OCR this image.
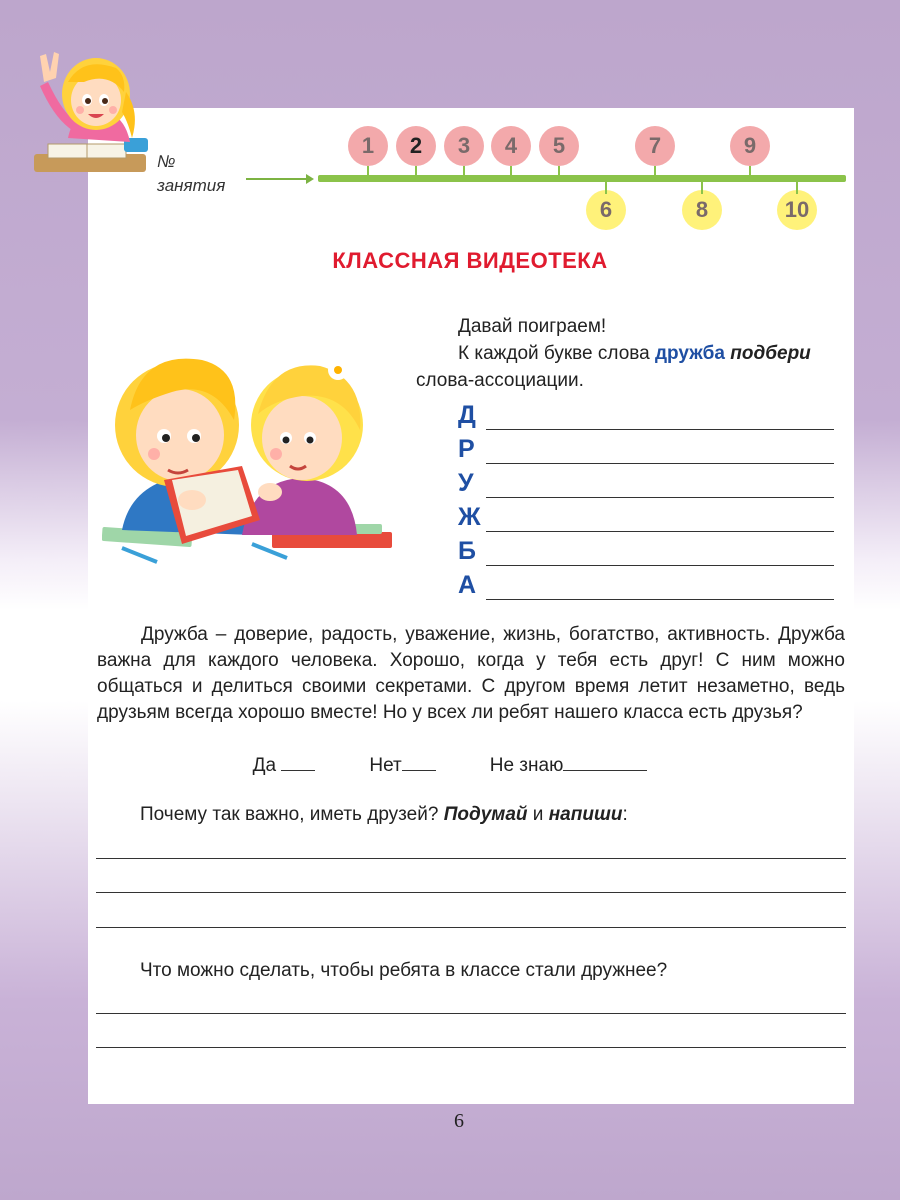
№
занятия
1	2	3	4	5	7	9
6	8	10
КЛАССНАЯ ВИДЕОТЕКА
Давай поиграем!
К каждой букве слова дружба подбери
слова-ассоциации.
Д
Р
У
Ж
Б
А

Дружба – доверие, радость, уважение, жизнь, богатство, активность. Дружба важна для каждого человека. Хорошо, когда у тебя есть друг! С ним можно общаться и делиться своими секретами. С другом время летит незаметно, ведь друзьям всегда хорошо вместе! Но у всех ли ребят нашего класса есть друзья?

Да	Нет	Не знаю
Почему так важно, иметь друзей? Подумай и напиши:
Что можно сделать, чтобы ребята в классе стали дружнее?
6
